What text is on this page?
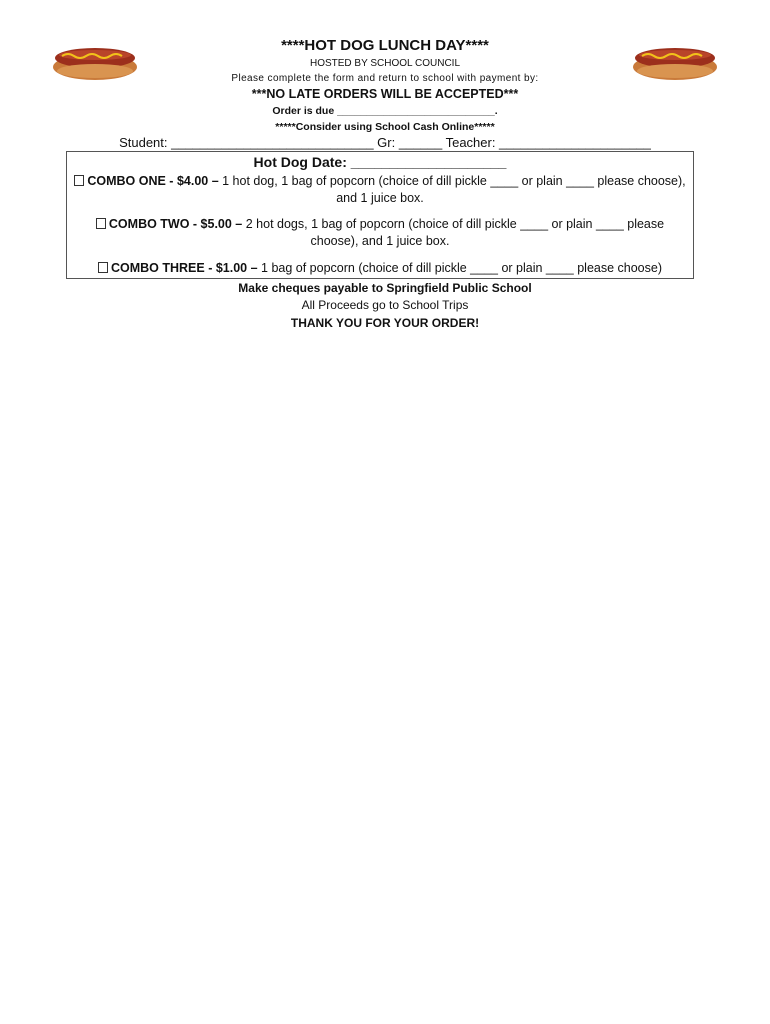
****HOT DOG LUNCH DAY****
HOSTED BY SCHOOL COUNCIL
Please complete the form and return to school with payment by:
***NO LATE ORDERS WILL BE ACCEPTED***
Order is due ___________________________.
*****Consider using School Cash Online*****
Student: ____________________________ Gr: ______ Teacher: _____________________
Hot Dog Date: ____________________
COMBO ONE - $4.00 – 1 hot dog, 1 bag of popcorn (choice of dill pickle ____ or plain ____ please choose),
and 1 juice box.
COMBO TWO - $5.00 – 2 hot dogs, 1 bag of popcorn (choice of dill pickle ____ or plain ____ please
choose), and 1 juice box.
COMBO THREE - $1.00 – 1 bag of popcorn (choice of dill pickle ____ or plain ____ please choose)
Make cheques payable to Springfield Public School
All Proceeds go to School Trips
THANK YOU FOR YOUR ORDER!
